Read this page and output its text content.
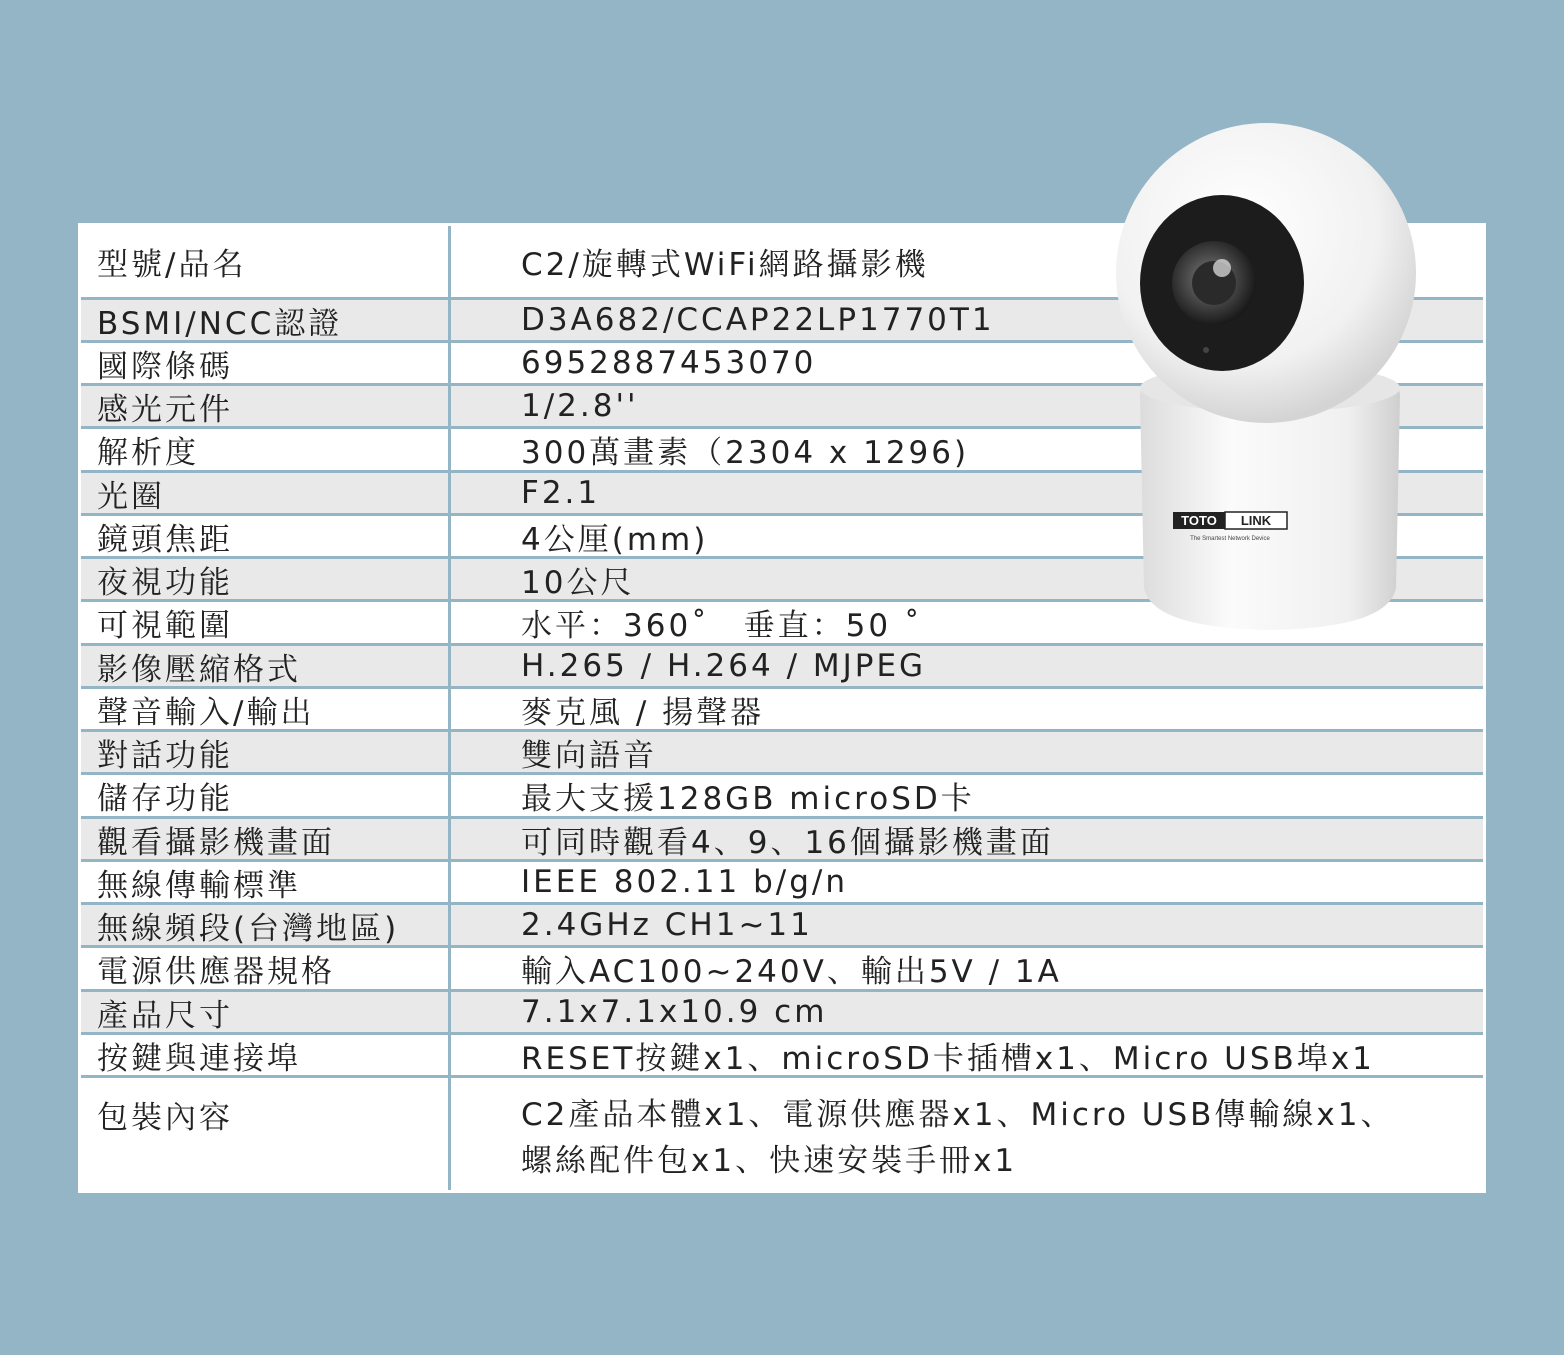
型號/品名	C2/旋轉式WiFi網路攝影機
BSMI/NCC認證	D3A682/CCAP22LP1770T1
國際條碼	6952887453070
感光元件	1/2.8''
解析度	300萬畫素（2304 x 1296)
光圈	F2.1
鏡頭焦距	4公厘(mm)
夜視功能	10公尺
可視範圍	水平：360˚　垂直：50 ˚
影像壓縮格式	H.265 / H.264 / MJPEG
聲音輸入/輸出	麥克風 / 揚聲器
對話功能	雙向語音
儲存功能	最大支援128GB microSD卡
觀看攝影機畫面	可同時觀看4、9、16個攝影機畫面
無線傳輸標準	IEEE 802.11 b/g/n
無線頻段(台灣地區)	2.4GHz CH1~11
電源供應器規格	輸入AC100~240V、輸出5V / 1A
產品尺寸	7.1x7.1x10.9 cm
按鍵與連接埠	RESET按鍵x1、microSD卡插槽x1、Micro USB埠x1
包裝內容	C2產品本體x1、電源供應器x1、Micro USB傳輸線x1、
螺絲配件包x1、快速安裝手冊x1
TOTO LINK
The Smartest Network Device
